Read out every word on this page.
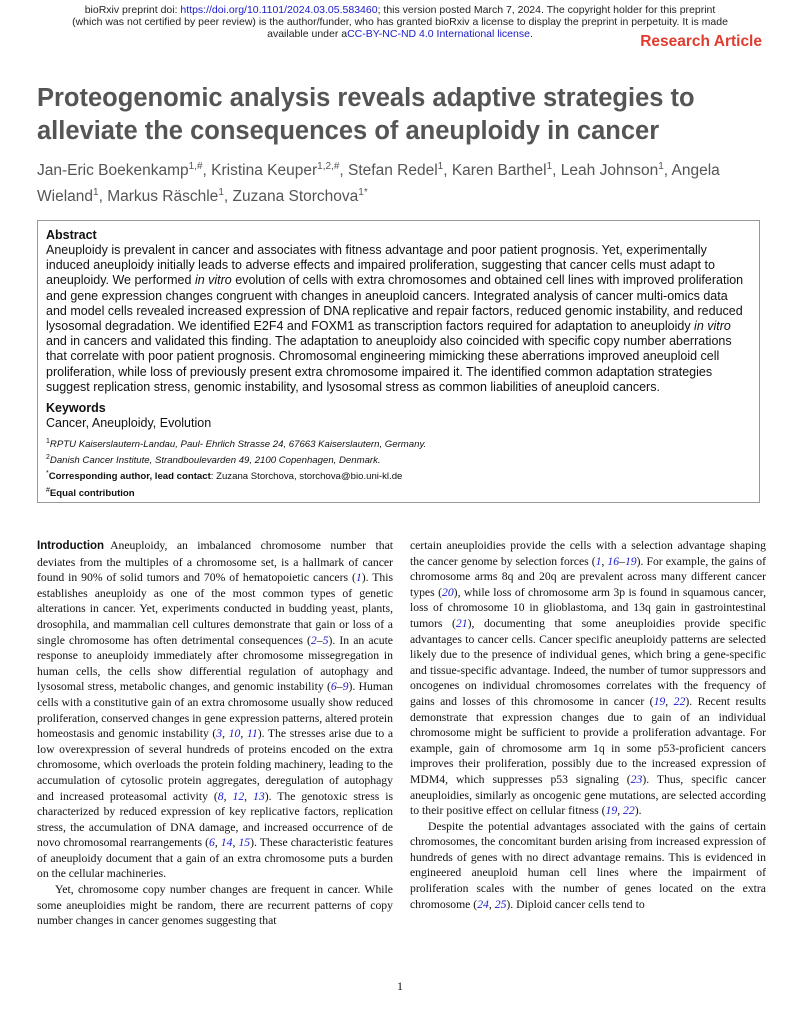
bioRxiv preprint doi: https://doi.org/10.1101/2024.03.05.583460; this version posted March 7, 2024. The copyright holder for this preprint
(which was not certified by peer review) is the author/funder, who has granted bioRxiv a license to display the preprint in perpetuity. It is made
available under aCC-BY-NC-ND 4.0 International license.	Research Article
Proteogenomic analysis reveals adaptive strategies to alleviate the consequences of aneuploidy in cancer
Jan-Eric Boekenkamp$^{1,\#}$, Kristina Keuper$^{1,2,\#}$, Stefan Redel$^1$, Karen Barthel$^1$, Leah Johnson$^1$, Angela Wieland$^1$, Markus Räschle$^1$, Zuzana Storchova$^{1*}$
Abstract

Aneuploidy is prevalent in cancer and associates with fitness advantage and poor patient prognosis. Yet, experimentally induced aneuploidy initially leads to adverse effects and impaired proliferation, suggesting that cancer cells must adapt to aneuploidy. We performed in vitro evolution of cells with extra chromosomes and obtained cell lines with improved proliferation and gene expression changes congruent with changes in aneuploid cancers. Integrated analysis of cancer multi-omics data and model cells revealed increased expression of DNA replicative and repair factors, reduced genomic instability, and reduced lysosomal degradation. We identified E2F4 and FOXM1 as transcription factors required for adaptation to aneuploidy in vitro and in cancers and validated this finding. The adaptation to aneuploidy also coincided with specific copy number aberrations that correlate with poor patient prognosis. Chromosomal engineering mimicking these aberrations improved aneuploid cell proliferation, while loss of previously present extra chromosome impaired it. The identified common adaptation strategies suggest replication stress, genomic instability, and lysosomal stress as common liabilities of aneuploid cancers.

Keywords
Cancer, Aneuploidy, Evolution
$^1$RPTU Kaiserslautern-Landau, Paul- Ehrlich Strasse 24, 67663 Kaiserslautern, Germany.
$^2$Danish Cancer Institute, Strandboulevarden 49, 2100 Copenhagen, Denmark.
*Corresponding author, lead contact: Zuzana Storchova, storchova@bio.uni-kl.de
#Equal contribution

Introduction Aneuploidy, an imbalanced chromosome number that deviates from the multiples of a chromosome set, is a hallmark of cancer found in 90% of solid tumors and 70% of hematopoietic cancers (1). This establishes aneuploidy as one of the most common types of genetic alterations in cancer. Yet, experiments conducted in budding yeast, plants, drosophila, and mammalian cell cultures demonstrate that gain or loss of a single chromosome has often detrimental consequences (2–5). In an acute response to aneuploidy immediately after chromosome missegregation in human cells, the cells show differential regulation of autophagy and lysosomal stress, metabolic changes, and genomic instability (6–9). Human cells with a constitutive gain of an extra chromosome usually show reduced proliferation, conserved changes in gene expression patterns, altered protein homeostasis and genomic instability (3, 10, 11). The stresses arise due to a low overexpression of several hundreds of proteins encoded on the extra chromosome, which overloads the protein folding machinery, leading to the accumulation of cytosolic protein aggregates, deregulation of autophagy and increased proteasomal activity (8, 12, 13). The genotoxic stress is characterized by reduced expression of key replicative factors, replication stress, the accumulation of DNA damage, and increased occurrence of de novo chromosomal rearrangements (6, 14, 15). These characteristic features of aneuploidy document that a gain of an extra chromosome puts a burden on the cellular machineries.

Yet, chromosome copy number changes are frequent in cancer. While some aneuploidies might be random, there are recurrent patterns of copy number changes in cancer genomes suggesting that

certain aneuploidies provide the cells with a selection advantage shaping the cancer genome by selection forces (1, 16–19). For example, the gains of chromosome arms 8q and 20q are prevalent across many different cancer types (20), while loss of chromosome arm 3p is found in squamous cancer, loss of chromosome 10 in glioblastoma, and 13q gain in gastrointestinal tumors (21), documenting that some aneuploidies provide specific advantages to cancer cells. Cancer specific aneuploidy patterns are selected likely due to the presence of individual genes, which bring a gene-specific and tissue-specific advantage. Indeed, the number of tumor suppressors and oncogenes on individual chromosomes correlates with the frequency of gains and losses of this chromosome in cancer (19, 22). Recent results demonstrate that expression changes due to gain of an individual chromosome might be sufficient to provide a proliferation advantage. For example, gain of chromosome arm 1q in some p53-proficient cancers improves their proliferation, possibly due to the increased expression of MDM4, which suppresses p53 signaling (23). Thus, specific cancer aneuploidies, similarly as oncogenic gene mutations, are selected according to their positive effect on cellular fitness (19, 22).

Despite the potential advantages associated with the gains of certain chromosomes, the concomitant burden arising from increased expression of hundreds of genes with no direct advantage remains. This is evidenced in engineered aneuploid human cell lines where the impairment of proliferation scales with the number of genes located on the extra chromosome (24, 25). Diploid cancer cells tend to

1
